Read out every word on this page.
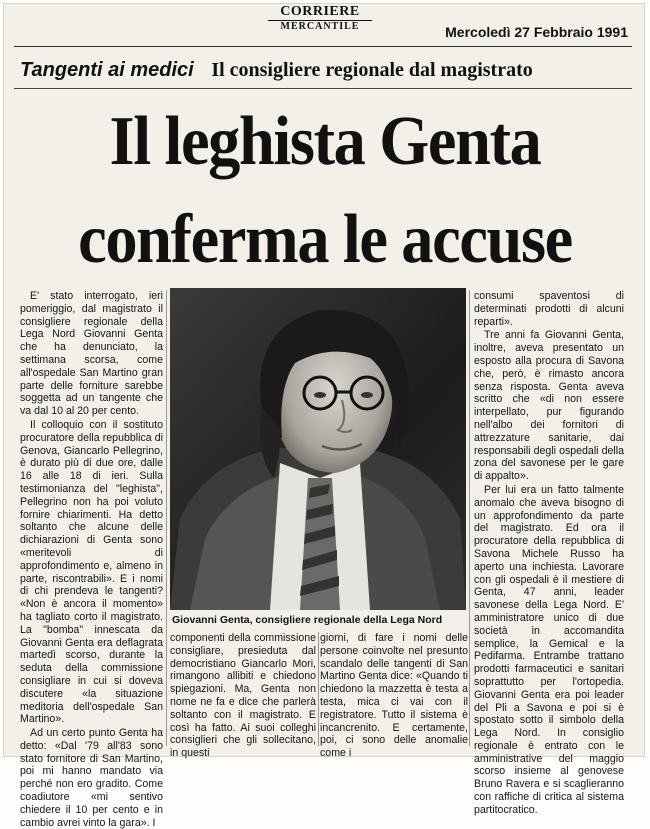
CORRIERE
MERCANTILE	Mercoledì 27 Febbraio 1991
Tangenti ai medici Il consigliere regionale dal magistrato
Il leghista Genta
conferma le accuse

E' stato interrogato, ieri pomeriggio, dal magistrato il consigliere regionale della Lega Nord Giovanni Genta che ha denunciato, la settimana scorsa, come all'ospedale San Martino gran parte delle forniture sarebbe soggetta ad un tangente che va dal 10 al 20 per cento.

Il colloquio con il sostituto procuratore della repubblica di Genova, Giancarlo Pellegrino, è durato più di due ore, dalle 16 alle 18 di ieri. Sulla testimonianza del "leghista", Pellegrino non ha poi voluto fornire chiarimenti. Ha detto soltanto che alcune delle dichiarazioni di Genta sono «meritevoli di approfondimento e, almeno in parte, riscontrabili». E i nomi di chi prendeva le tangenti? «Non è ancora il momento» ha tagliato corto il magistrato. La "bomba" innescata da Giovanni Genta era deflagrata martedì scorso, durante la seduta della commissione consigliare in cui si doveva discutere «la situazione meditoria dell'ospedale San Martino».

Ad un certo punto Genta ha detto: «Dal '79 all'83 sono stato fornitore di San Martino, poi mi hanno mandato via perché non ero gradito. Come coadiutore «mi sentivo chiedere il 10 per cento e in cambio avrei vinto la gara». I

Giovanni Genta, consigliere regionale della Lega Nord

componenti della commissione consigliare, presieduta dal democristiano Giancarlo Mori, rimangono allibiti e chiedono spiegazioni. Ma, Genta non nome ne fa e dice che parlerà soltanto con il magistrato. E così ha fatto. Ai suoi colleghi consiglieri che gli sollecitano, in questi

giorni, di fare i nomi delle persone coinvolte nel presunto scandalo delle tangenti di San Martino Genta dice: «Quando ti chiedono la mazzetta è testa a testa, mica ci vai con il registratore. Tutto il sistema è incancrenito. E certamente, poi, ci sono delle anomalie come i

consumi spaventosi di determinati prodotti di alcuni reparti».

Tre anni fa Giovanni Genta, inoltre, aveva presentato un esposto alla procura di Savona che, però, è rimasto ancora senza risposta. Genta aveva scritto che «di non essere interpellato, pur figurando nell'albo dei fornitori di attrezzature sanitarie, dai responsabili degli ospedali della zona del savonese per le gare di appalto».

Per lui era un fatto talmente anomalo che aveva bisogno di un approfondimento da parte del magistrato. Ed ora il procuratore della repubblica di Savona Michele Russo ha aperto una inchiesta. Lavorare con gli ospedali è il mestiere di Genta, 47 anni, leader savonese della Lega Nord. E' amministratore unico di due società in accomandita semplice, la Gemical e la Pedifarma. Entrambe trattano prodotti farmaceutici e sanitari soprattutto per l'ortopedia. Giovanni Genta era poi leader del Pli a Savona e poi si è spostato sotto il simbolo della Lega Nord. In consiglio regionale è entrato con le amministrative del maggio scorso insieme al genovese Bruno Ravera e si scaglieranno con raffiche di critica al sistema partitocratico.
